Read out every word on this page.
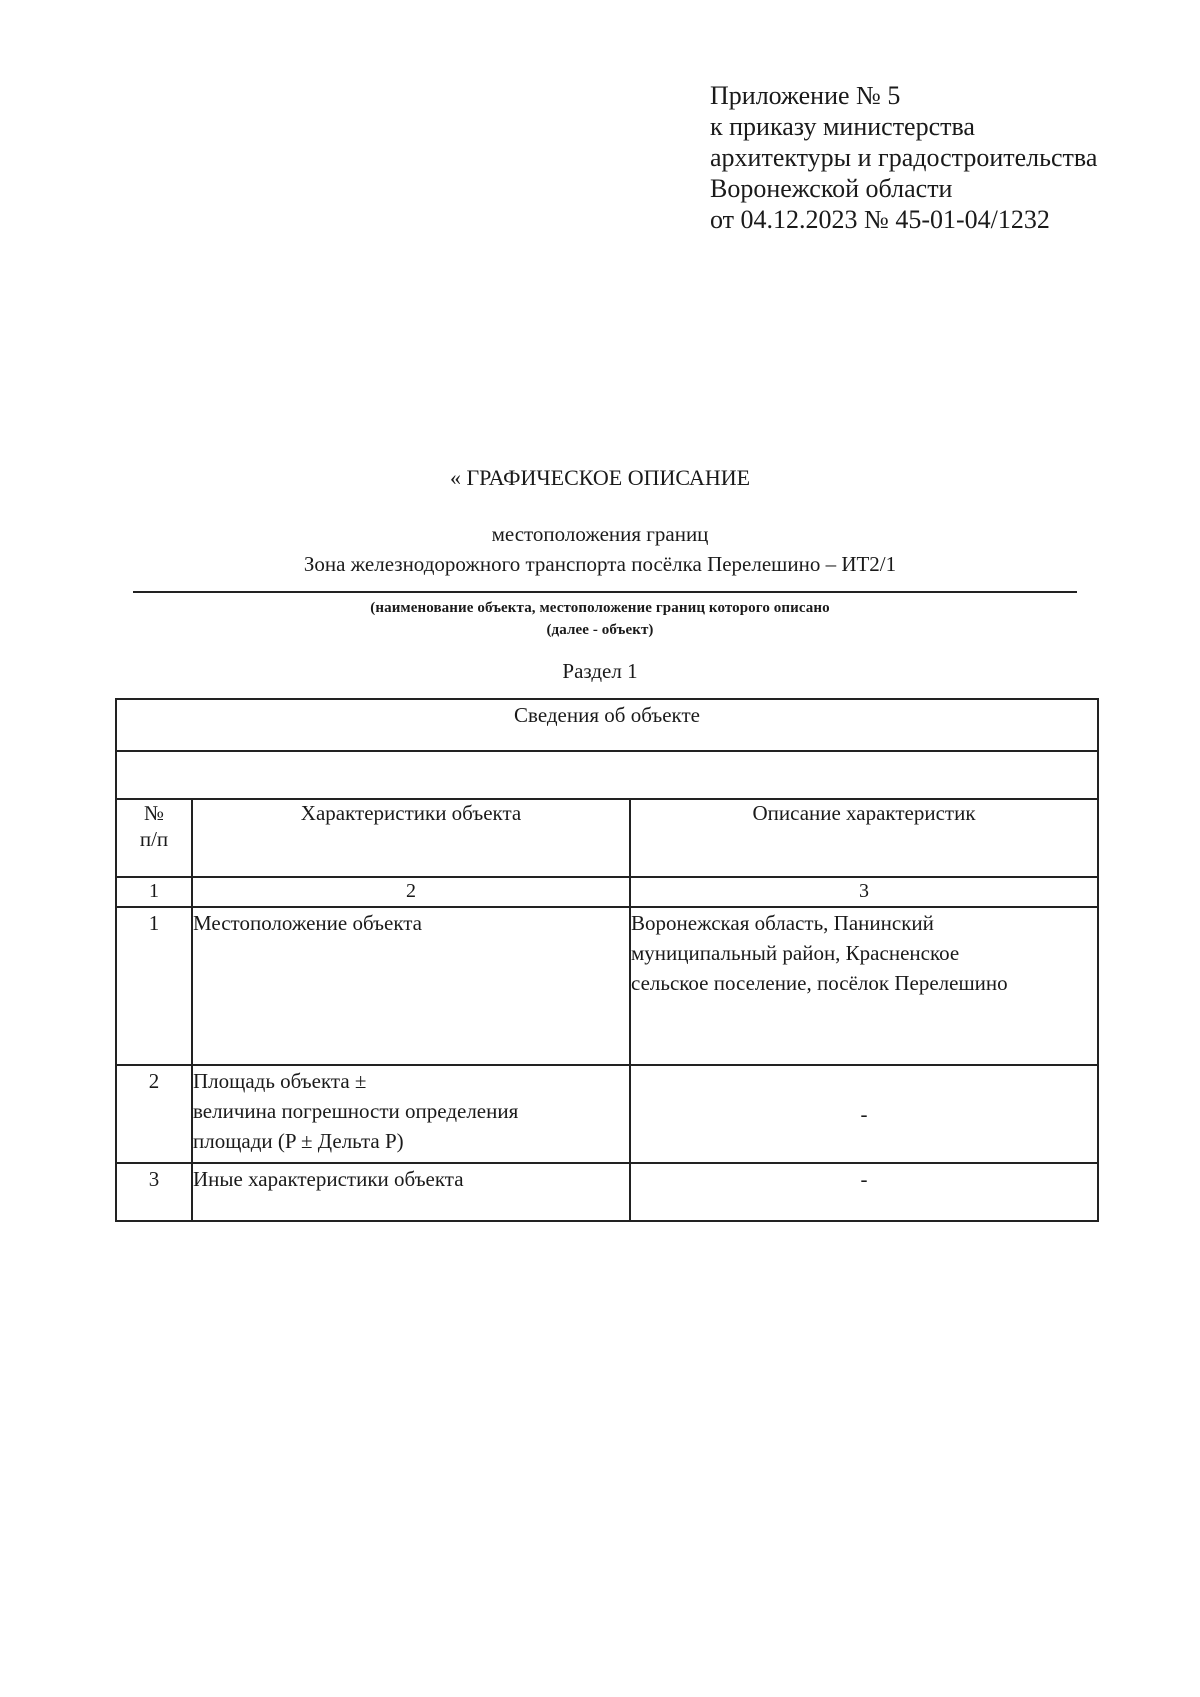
Приложение № 5
к приказу министерства
архитектуры и градостроительства
Воронежской области
от 04.12.2023 № 45-01-04/1232
« ГРАФИЧЕСКОЕ ОПИСАНИЕ
местоположения границ
Зона железнодорожного транспорта посёлка Перелешино – ИТ2/1
(наименование объекта, местоположение границ которого описано
(далее - объект)
Раздел 1
Сведения об объекте		

№
п/п	Характеристики объекта	Описание характеристик
1	2	3
1	Местоположение объекта	Воронежская область, Панинский
муниципальный район, Красненское
сельское поселение, посёлок Перелешино

2	Площадь объекта ±
величина погрешности определения
площади (P ± Дельта P)	-
3	Иные характеристики объекта	-
